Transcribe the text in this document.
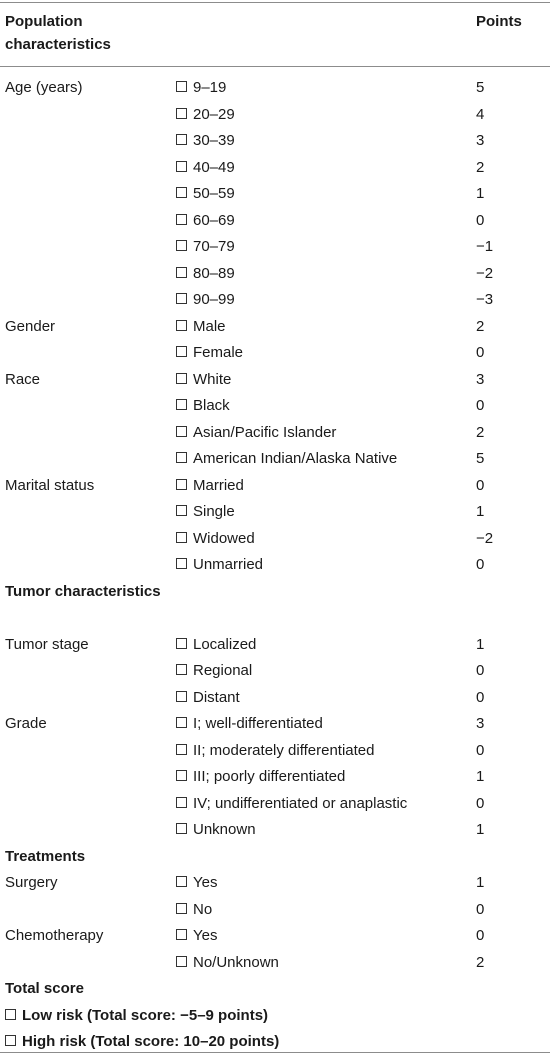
Population characteristics
Points
Age (years)	9–19	5
20–29	4
30–39	3
40–49	2
50–59	1
60–69	0
70–79	−1
80–89	−2
90–99	−3
Gender	Male	2
Female	0
Race	White	3
Black	0
Asian/Pacific Islander	2
American Indian/Alaska Native	5
Marital status	Married	0
Single	1
Widowed	−2
Unmarried	0
Tumor characteristics
Tumor stage	Localized	1
Regional	0
Distant	0
Grade	I; well-differentiated	3
II; moderately differentiated	0
III; poorly differentiated	1
IV; undifferentiated or anaplastic	0
Unknown	1
Treatments
Surgery	Yes	1
No	0
Chemotherapy	Yes	0
No/Unknown	2
Total score
Low risk (Total score: −5–9 points)
High risk (Total score: 10–20 points)
